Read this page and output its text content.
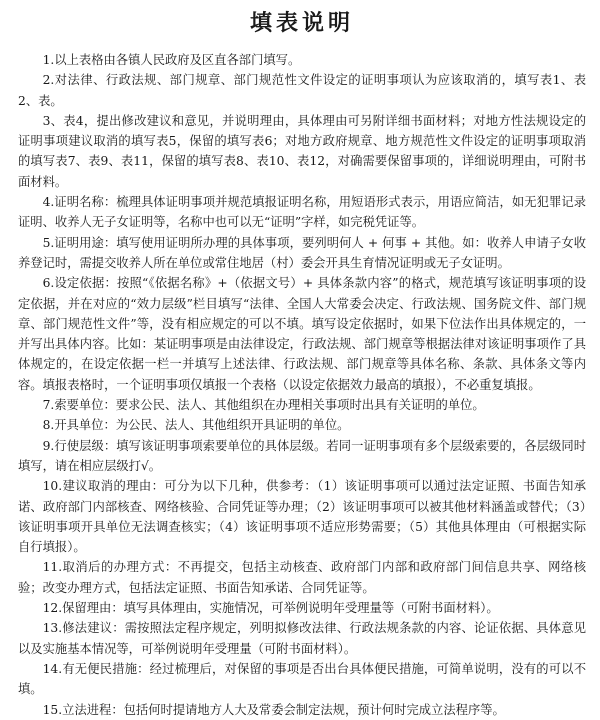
填表说明

1.以上表格由各镇人民政府及区直各部门填写。

2.对法律、行政法规、部门规章、部门规范性文件设定的证明事项认为应该取消的，填写表1、表2、表。

3、表4，提出修改建议和意见，并说明理由，具体理由可另附详细书面材料；对地方性法规设定的证明事项建议取消的填写表5，保留的填写表6；对地方政府规章、地方规范性文件设定的证明事项取消的填写表7、表9、表11，保留的填写表8、表10、表12，对确需要保留事项的，详细说明理由，可附书面材料。

4.证明名称：梳理具体证明事项并规范填报证明名称，用短语形式表示，用语应简洁，如无犯罪记录证明、收养人无子女证明等，名称中也可以无“证明”字样，如完税凭证等。

5.证明用途：填写使用证明所办理的具体事项，要列明何人 + 何事 + 其他。如：收养人申请子女收养登记时，需提交收养人所在单位或常住地居（村）委会开具生育情况证明或无子女证明。

6.设定依据：按照“《依据名称》+（依据文号）+ 具体条款内容”的格式，规范填写该证明事项的设定依据，并在对应的“效力层级”栏目填写“法律、全国人大常委会决定、行政法规、国务院文件、部门规章、部门规范性文件”等，没有相应规定的可以不填。填写设定依据时，如果下位法作出具体规定的，一并写出具体内容。比如：某证明事项是由法律设定，行政法规、部门规章等根据法律对该证明事项作了具体规定的，在设定依据一栏一并填写上述法律、行政法规、部门规章等具体名称、条款、具体条文等内容。填报表格时，一个证明事项仅填报一个表格（以设定依据效力最高的填报），不必重复填报。

7.索要单位：要求公民、法人、其他组织在办理相关事项时出具有关证明的单位。

8.开具单位：为公民、法人、其他组织开具证明的单位。

9.行使层级：填写该证明事项索要单位的具体层级。若同一证明事项有多个层级索要的，各层级同时填写，请在相应层级打√。

10.建议取消的理由：可分为以下几种，供参考：（1）该证明事项可以通过法定证照、书面告知承诺、政府部门内部核查、网络核验、合同凭证等办理；（2）该证明事项可以被其他材料涵盖或替代；（3）该证明事项开具单位无法调查核实；（4）该证明事项不适应形势需要；（5）其他具体理由（可根据实际自行填报）。

11.取消后的办理方式：不再提交，包括主动核查、政府部门内部和政府部门间信息共享、网络核验；改变办理方式，包括法定证照、书面告知承诺、合同凭证等。

12.保留理由：填写具体理由，实施情况，可举例说明年受理量等（可附书面材料）。

13.修法建议：需按照法定程序规定，列明拟修改法律、行政法规条款的内容、论证依据、具体意见以及实施基本情况等，可举例说明年受理量（可附书面材料）。

14.有无便民措施：经过梳理后，对保留的事项是否出台具体便民措施，可简单说明，没有的可以不填。

15.立法进程：包括何时提请地方人大及常委会制定法规，预计何时完成立法程序等。
